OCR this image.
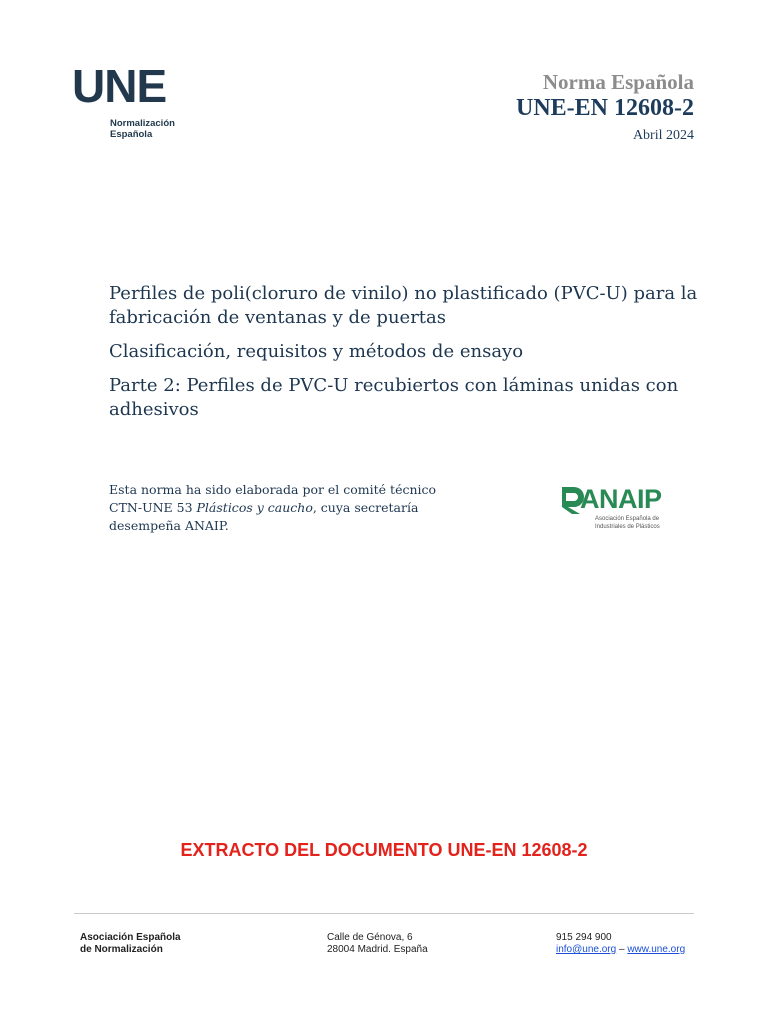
UNE
Normalización
Española
Norma Española
UNE-EN 12608-2
Abril 2024

Perfiles de poli(cloruro de vinilo) no plastificado (PVC-U) para la fabricación de ventanas y de puertas

Clasificación, requisitos y métodos de ensayo

Parte 2: Perfiles de PVC-U recubiertos con láminas unidas con adhesivos

Esta norma ha sido elaborada por el comité técnico CTN-UNE 53 Plásticos y caucho, cuya secretaría desempeña ANAIP.
ANAIP
Asociación Española de
Industriales de Plásticos
EXTRACTO DEL DOCUMENTO UNE-EN 12608-2
Asociación Española
de Normalización
Calle de Génova, 6
28004 Madrid. España
915 294 900
info@une.org – www.une.org
